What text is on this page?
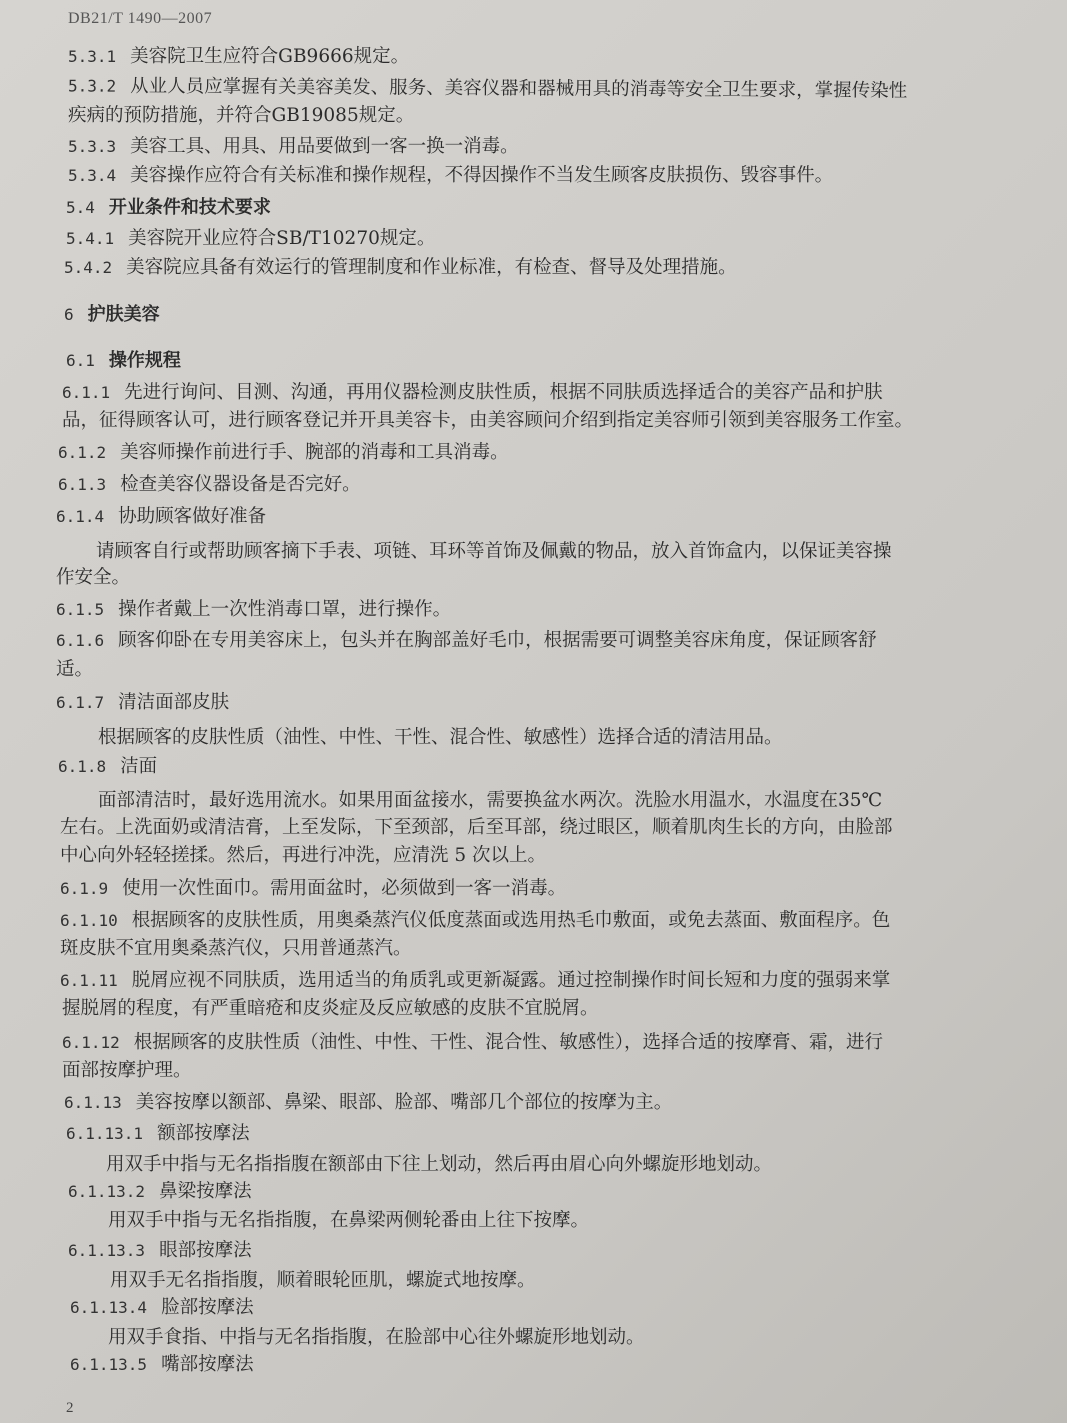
DB21/T 1490—2007
5.3.1 美容院卫生应符合GB9666规定。
5.3.2 从业人员应掌握有关美容美发、服务、美容仪器和器械用具的消毒等安全卫生要求，掌握传染性
疾病的预防措施，并符合GB19085规定。
5.3.3 美容工具、用具、用品要做到一客一换一消毒。
5.3.4 美容操作应符合有关标准和操作规程，不得因操作不当发生顾客皮肤损伤、毁容事件。
5.4 开业条件和技术要求
5.4.1 美容院开业应符合SB/T10270规定。
5.4.2 美容院应具备有效运行的管理制度和作业标准，有检查、督导及处理措施。
6 护肤美容
6.1 操作规程
6.1.1 先进行询问、目测、沟通，再用仪器检测皮肤性质，根据不同肤质选择适合的美容产品和护肤
品，征得顾客认可，进行顾客登记并开具美容卡，由美容顾问介绍到指定美容师引领到美容服务工作室。
6.1.2 美容师操作前进行手、腕部的消毒和工具消毒。
6.1.3 检查美容仪器设备是否完好。
6.1.4 协助顾客做好准备
请顾客自行或帮助顾客摘下手表、项链、耳环等首饰及佩戴的物品，放入首饰盒内，以保证美容操
作安全。
6.1.5 操作者戴上一次性消毒口罩，进行操作。
6.1.6 顾客仰卧在专用美容床上，包头并在胸部盖好毛巾，根据需要可调整美容床角度，保证顾客舒
适。
6.1.7 清洁面部皮肤
根据顾客的皮肤性质（油性、中性、干性、混合性、敏感性）选择合适的清洁用品。
6.1.8 洁面
面部清洁时，最好选用流水。如果用面盆接水，需要换盆水两次。洗脸水用温水，水温度在35℃
左右。上洗面奶或清洁膏，上至发际，下至颈部，后至耳部，绕过眼区，顺着肌肉生长的方向，由脸部
中心向外轻轻搓揉。然后，再进行冲洗，应清洗 5 次以上。
6.1.9 使用一次性面巾。需用面盆时，必须做到一客一消毒。
6.1.10 根据顾客的皮肤性质，用奥桑蒸汽仪低度蒸面或选用热毛巾敷面，或免去蒸面、敷面程序。色
斑皮肤不宜用奥桑蒸汽仪，只用普通蒸汽。
6.1.11 脱屑应视不同肤质，选用适当的角质乳或更新凝露。通过控制操作时间长短和力度的强弱来掌
握脱屑的程度，有严重暗疮和皮炎症及反应敏感的皮肤不宜脱屑。
6.1.12 根据顾客的皮肤性质（油性、中性、干性、混合性、敏感性），选择合适的按摩膏、霜，进行
面部按摩护理。
6.1.13 美容按摩以额部、鼻梁、眼部、脸部、嘴部几个部位的按摩为主。
6.1.13.1 额部按摩法
用双手中指与无名指指腹在额部由下往上划动，然后再由眉心向外螺旋形地划动。
6.1.13.2 鼻梁按摩法
用双手中指与无名指指腹，在鼻梁两侧轮番由上往下按摩。
6.1.13.3 眼部按摩法
用双手无名指指腹，顺着眼轮匝肌，螺旋式地按摩。
6.1.13.4 脸部按摩法
用双手食指、中指与无名指指腹，在脸部中心往外螺旋形地划动。
6.1.13.5 嘴部按摩法
2
